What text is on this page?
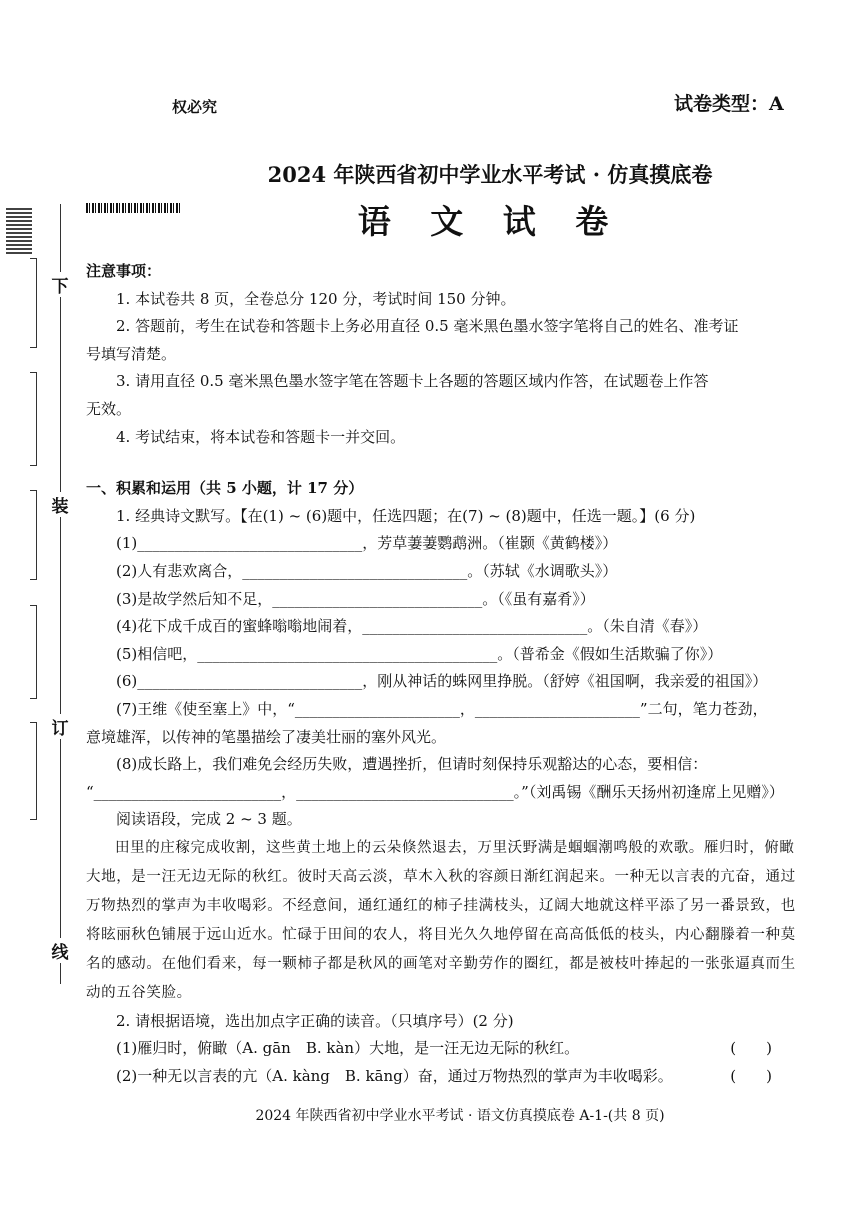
权必究	试卷类型：A
2024 年陕西省初中学业水平考试 · 仿真摸底卷
语 文 试 卷
下
装
订
线

注意事项：

1. 本试卷共 8 页，全卷总分 120 分，考试时间 150 分钟。

2. 答题前，考生在试卷和答题卡上务必用直径 0.5 毫米黑色墨水签字笔将自己的姓名、准考证

号填写清楚。

3. 请用直径 0.5 毫米黑色墨水签字笔在答题卡上各题的答题区域内作答，在试题卷上作答

无效。

4. 考试结束，将本试卷和答题卡一并交回。

一、积累和运用（共 5 小题，计 17 分）

1. 经典诗文默写。【在(1) ~ (6)题中，任选四题；在(7) ~ (8)题中，任选一题。】(6 分)

(1)______________________________，芳草萋萋鹦鹉洲。（崔颢《黄鹤楼》）

(2)人有悲欢离合，______________________________。（苏轼《水调歌头》）

(3)是故学然后知不足，____________________________。（《虽有嘉肴》）

(4)花下成千成百的蜜蜂嗡嗡地闹着，______________________________。（朱自清《春》）

(5)相信吧，________________________________________。（普希金《假如生活欺骗了你》）

(6)______________________________，刚从神话的蛛网里挣脱。（舒婷《祖国啊，我亲爱的祖国》）

(7)王维《使至塞上》中，“______________________，______________________”二句，笔力苍劲，

意境雄浑，以传神的笔墨描绘了凄美壮丽的塞外风光。

(8)成长路上，我们难免会经历失败，遭遇挫折，但请时刻保持乐观豁达的心态，要相信：

“_________________________，_____________________________。”（刘禹锡《酬乐天扬州初逢席上见赠》）

阅读语段，完成 2 ~ 3 题。

田里的庄稼完成收割，这些黄土地上的云朵倏然退去，万里沃野满是蝈蝈潮鸣般的欢歌。雁归时，俯瞰大地，是一汪无边无际的秋红。彼时天高云淡，草木入秋的容颜日渐红润起来。一种无以言表的亢奋，通过万物热烈的掌声为丰收喝彩。不经意间，通红通红的柿子挂满枝头，辽阔大地就这样平添了另一番景致，也将眩丽秋色铺展于远山近水。忙碌于田间的农人，将目光久久地停留在高高低低的枝头，内心翻滕着一种莫名的感动。在他们看来，每一颗柿子都是秋风的画笔对辛勤劳作的圈红，都是被枝叶捧起的一张张逼真而生动的五谷笑脸。

2. 请根据语境，选出加点字正确的读音。（只填序号）(2 分)

(1)雁归时，俯瞰（A. gān　B. kàn）大地，是一汪无边无际的秋红。	(　　)

(2)一种无以言表的亢（A. kàng　B. kāng）奋，通过万物热烈的掌声为丰收喝彩。	(　　)
2024 年陕西省初中学业水平考试 · 语文仿真摸底卷 A-1-(共 8 页)
